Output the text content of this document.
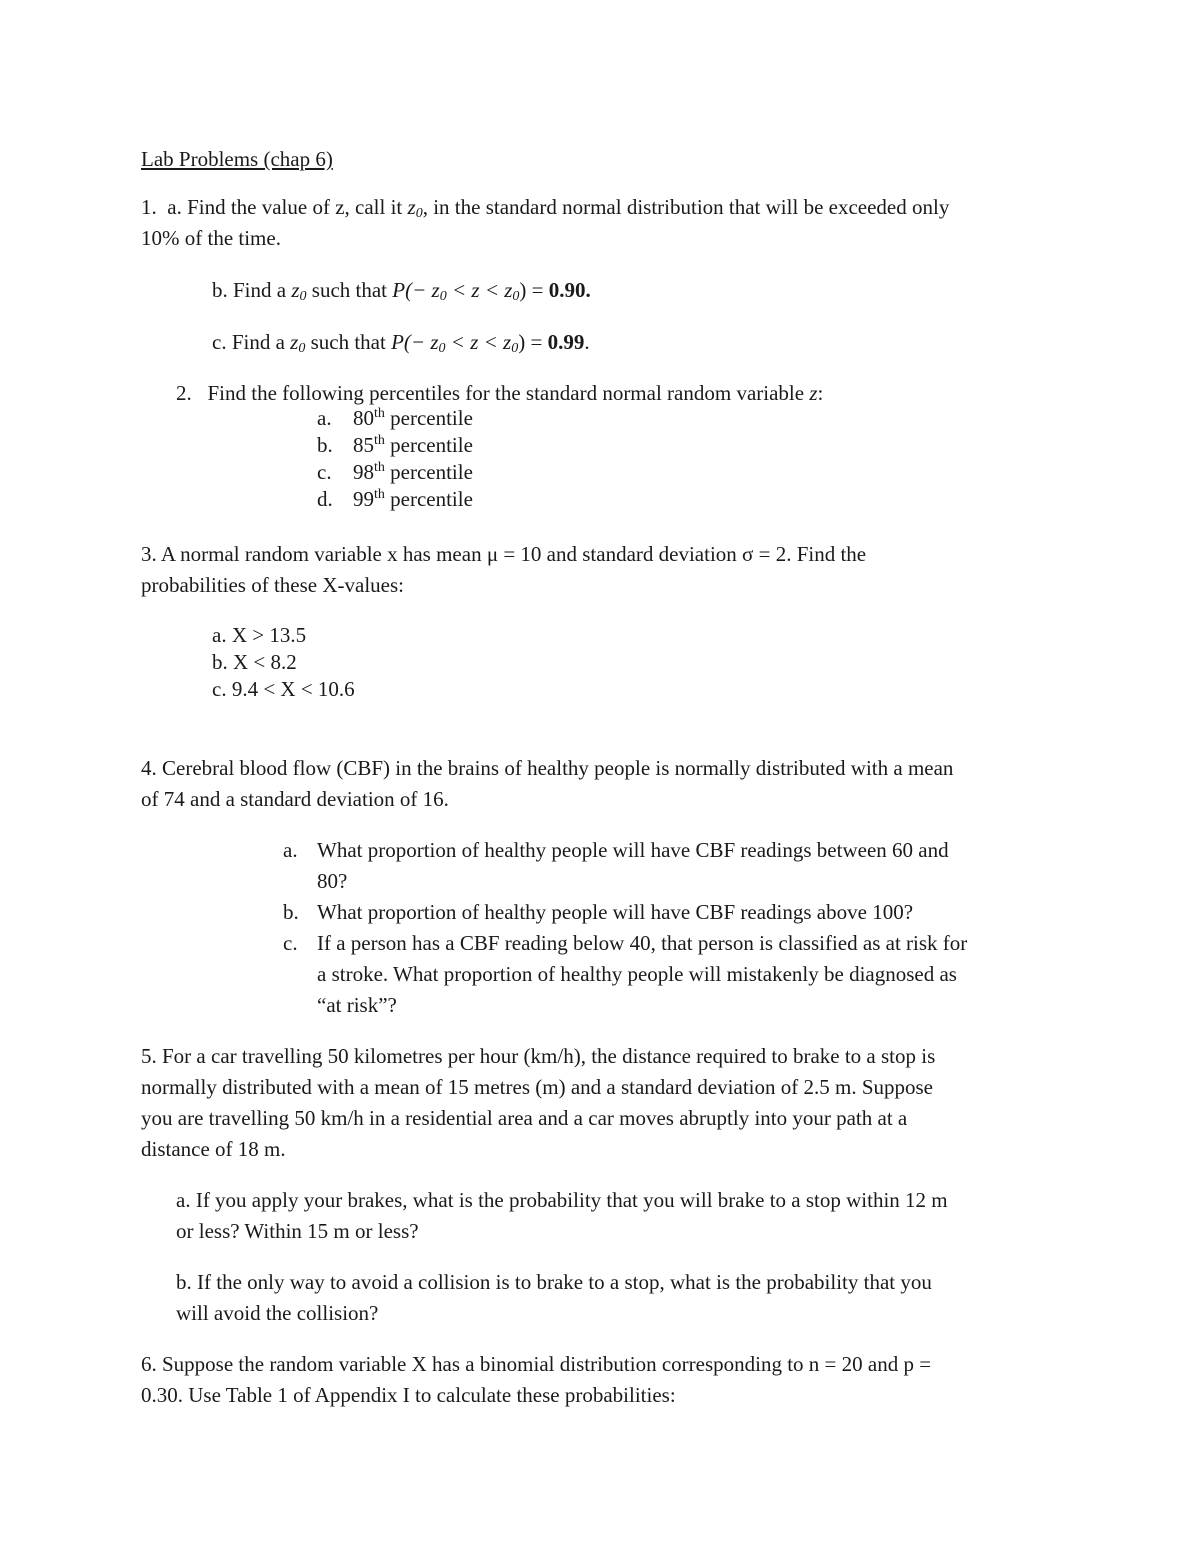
Lab Problems (chap 6)
1. a. Find the value of z, call it $z_0$, in the standard normal distribution that will be exceeded only
10% of the time.
b. Find a $z_0$ such that $P(- z_0 < z < z_0) = 0.90$.
c. Find a $z_0$ such that $P(- z_0 < z < z_0) = 0.99$.
2. Find the following percentiles for the standard normal random variable z:
a. 80th percentile
b. 85th percentile
c. 98th percentile
d. 99th percentile
3. A normal random variable x has mean μ = 10 and standard deviation σ = 2. Find the
probabilities of these X-values:
a. X > 13.5
b. X < 8.2
c. 9.4 < X < 10.6
4. Cerebral blood flow (CBF) in the brains of healthy people is normally distributed with a mean
of 74 and a standard deviation of 16.
a. What proportion of healthy people will have CBF readings between 60 and
80?
b. What proportion of healthy people will have CBF readings above 100?
c. If a person has a CBF reading below 40, that person is classified as at risk for
a stroke. What proportion of healthy people will mistakenly be diagnosed as
“at risk”?
5. For a car travelling 50 kilometres per hour (km/h), the distance required to brake to a stop is
normally distributed with a mean of 15 metres (m) and a standard deviation of 2.5 m. Suppose
you are travelling 50 km/h in a residential area and a car moves abruptly into your path at a
distance of 18 m.
a. If you apply your brakes, what is the probability that you will brake to a stop within 12 m
or less? Within 15 m or less?
b. If the only way to avoid a collision is to brake to a stop, what is the probability that you
will avoid the collision?
6. Suppose the random variable X has a binomial distribution corresponding to n = 20 and p =
0.30. Use Table 1 of Appendix I to calculate these probabilities:
